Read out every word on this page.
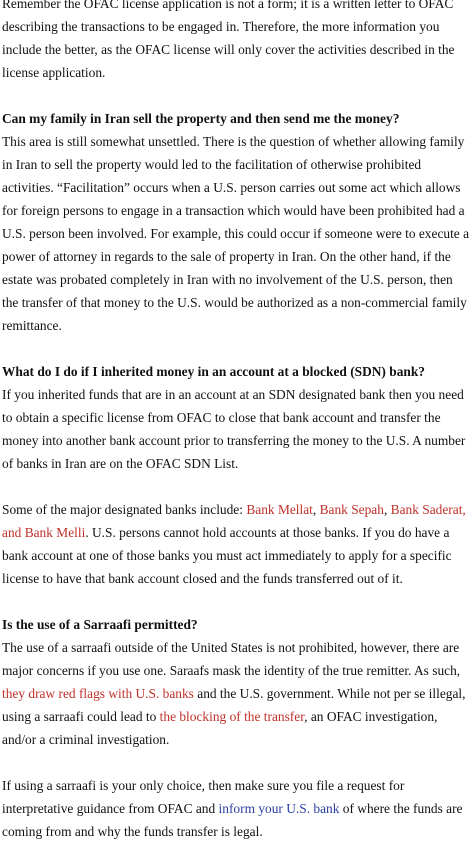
Remember the OFAC license application is not a form; it is a written letter to OFAC describing the transactions to be engaged in. Therefore, the more information you include the better, as the OFAC license will only cover the activities described in the license application.

Can my family in Iran sell the property and then send me the money?

This area is still somewhat unsettled. There is the question of whether allowing family in Iran to sell the property would led to the facilitation of otherwise prohibited activities. “Facilitation” occurs when a U.S. person carries out some act which allows for foreign persons to engage in a transaction which would have been prohibited had a U.S. person been involved. For example, this could occur if someone were to execute a power of attorney in regards to the sale of property in Iran. On the other hand, if the estate was probated completely in Iran with no involvement of the U.S. person, then the transfer of that money to the U.S. would be authorized as a non-commercial family remittance.

What do I do if I inherited money in an account at a blocked (SDN) bank?

If you inherited funds that are in an account at an SDN designated bank then you need to obtain a specific license from OFAC to close that bank account and transfer the money into another bank account prior to transferring the money to the U.S. A number of banks in Iran are on the OFAC SDN List.

Some of the major designated banks include: Bank Mellat, Bank Sepah, Bank Saderat, and Bank Melli. U.S. persons cannot hold accounts at those banks. If you do have a bank account at one of those banks you must act immediately to apply for a specific license to have that bank account closed and the funds transferred out of it.

Is the use of a Sarraafi permitted?

The use of a sarraafi outside of the United States is not prohibited, however, there are major concerns if you use one. Saraafs mask the identity of the true remitter. As such, they draw red flags with U.S. banks and the U.S. government. While not per se illegal, using a sarraafi could lead to the blocking of the transfer, an OFAC investigation, and/or a criminal investigation.

If using a sarraafi is your only choice, then make sure you file a request for interpretative guidance from OFAC and inform your U.S. bank of where the funds are coming from and why the funds transfer is legal.
